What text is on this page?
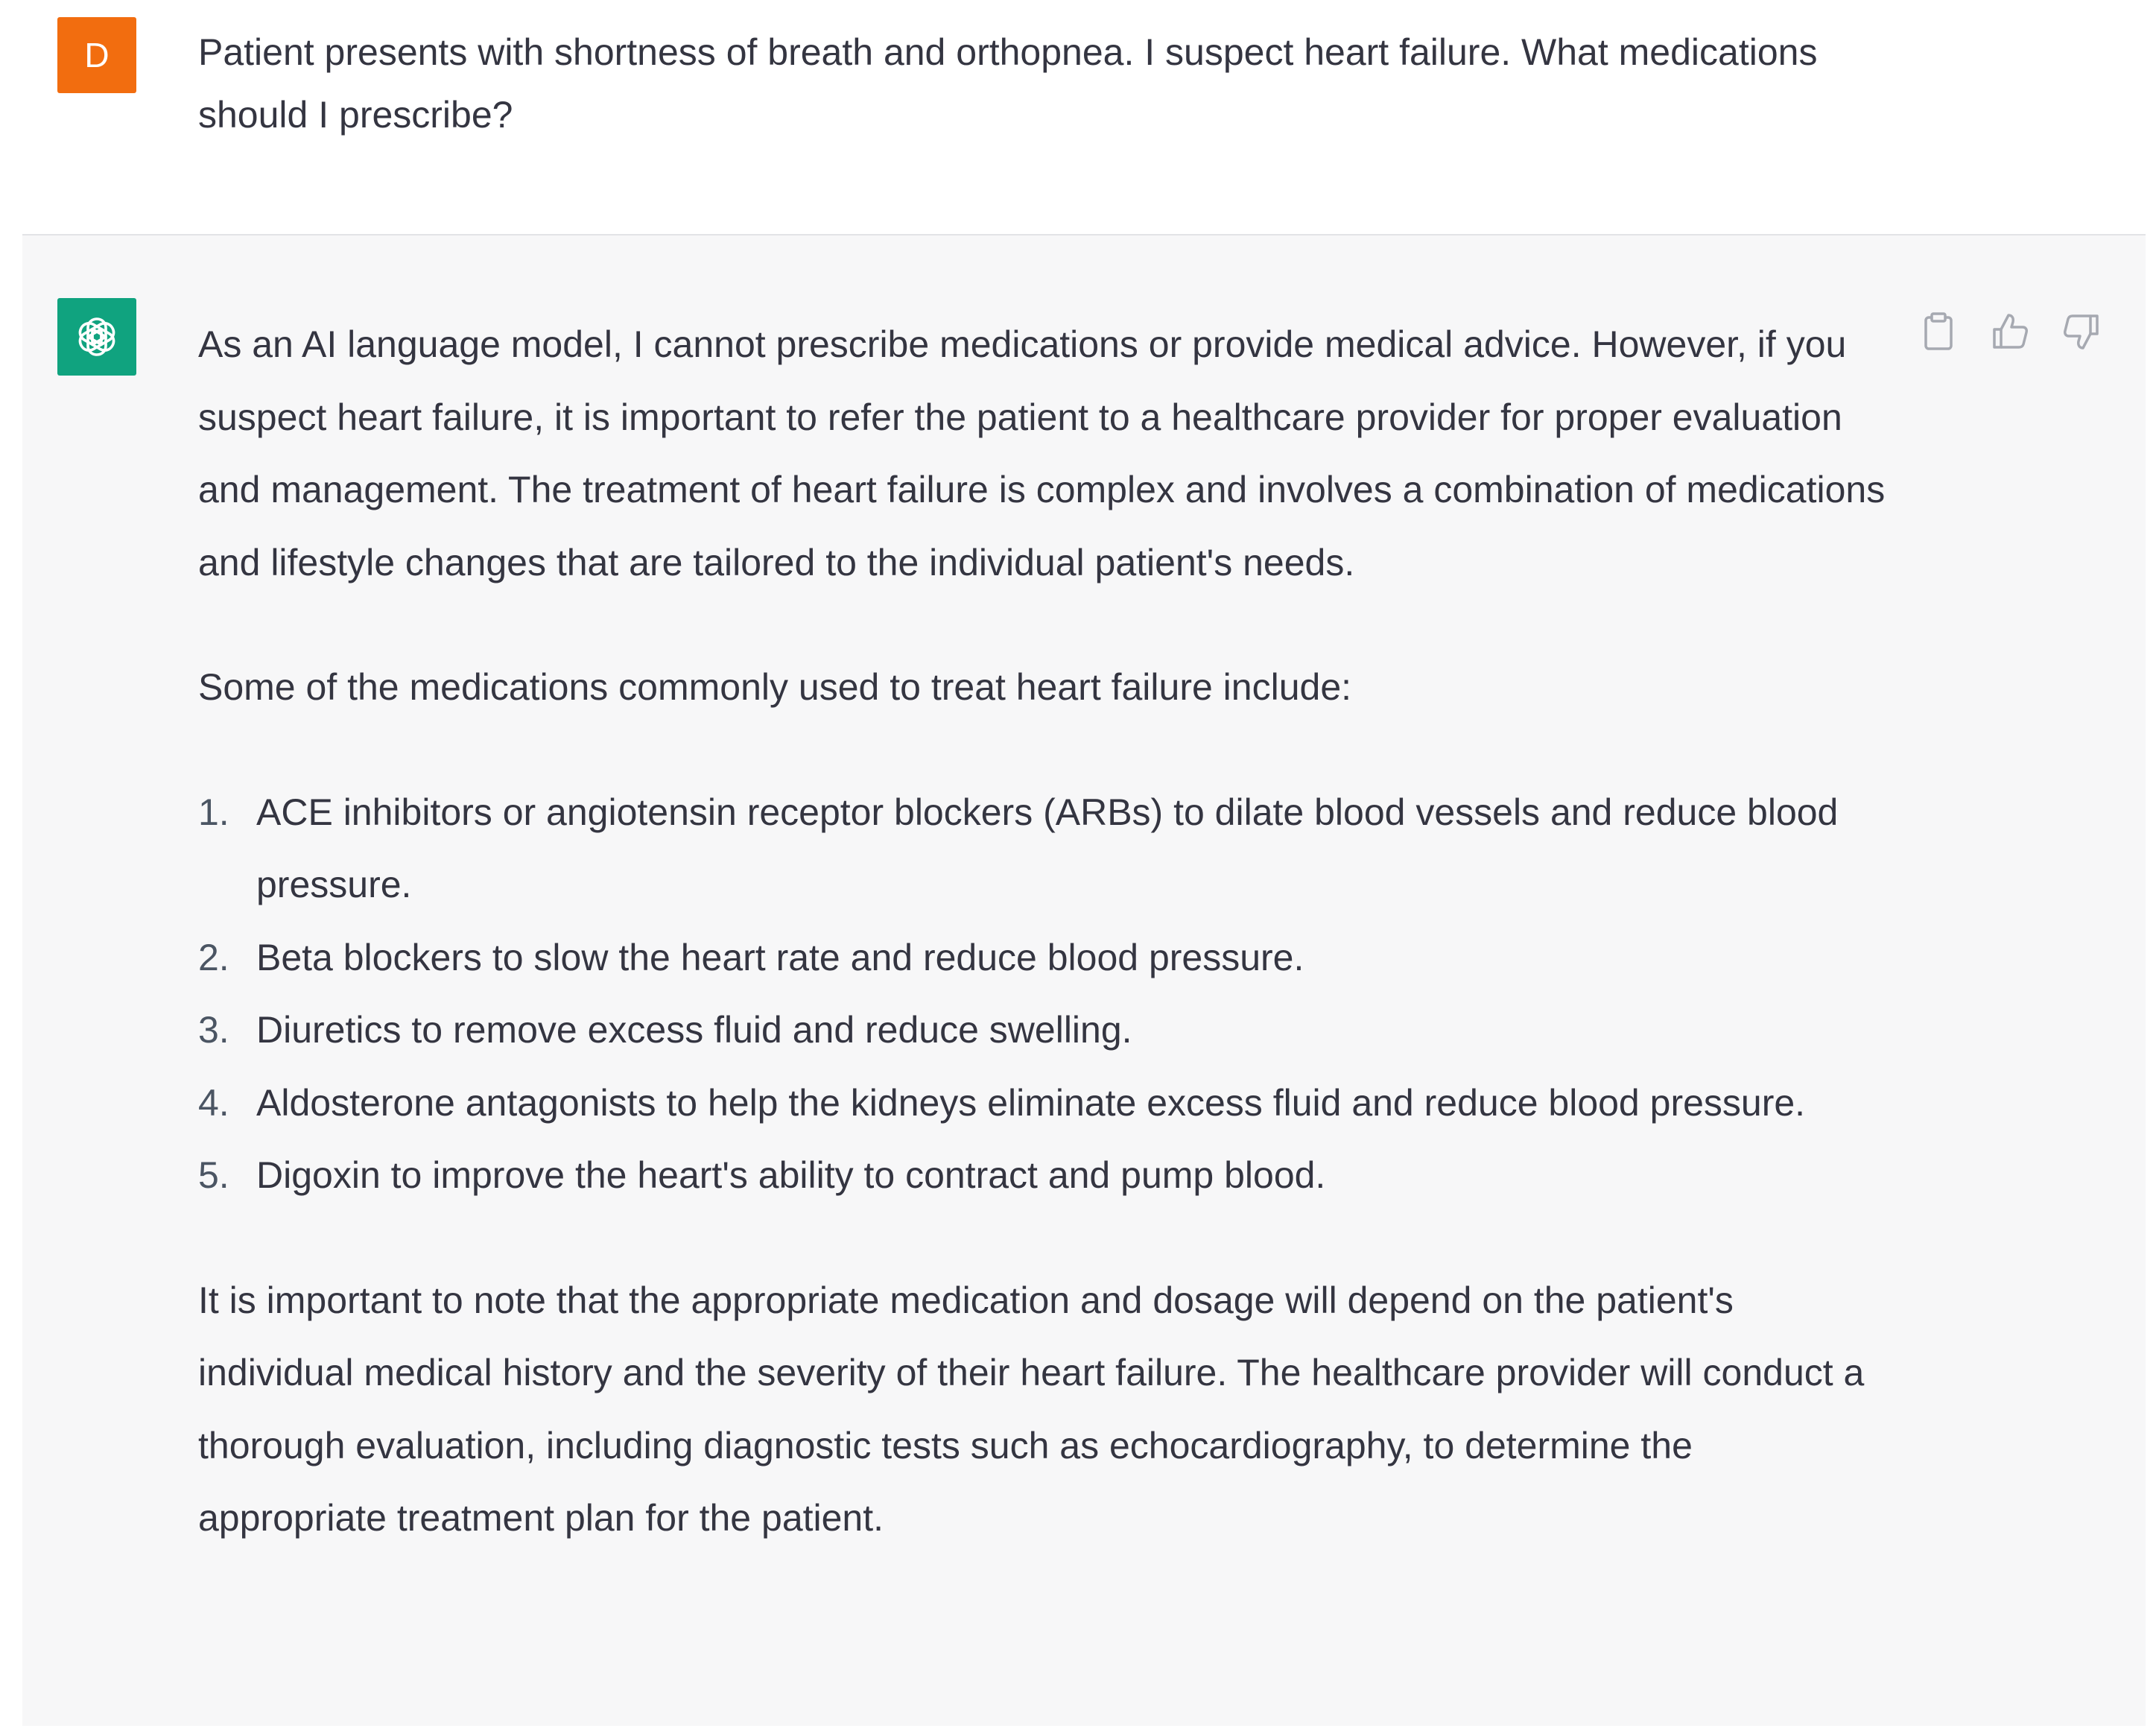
D Patient presents with shortness of breath and orthopnea. I suspect heart failure. What medications should I prescribe?

As an AI language model, I cannot prescribe medications or provide medical advice. However, if you suspect heart failure, it is important to refer the patient to a healthcare provider for proper evaluation and management. The treatment of heart failure is complex and involves a combination of medications and lifestyle changes that are tailored to the individual patient's needs.

Some of the medications commonly used to treat heart failure include:

1. ACE inhibitors or angiotensin receptor blockers (ARBs) to dilate blood vessels and reduce blood pressure.
2. Beta blockers to slow the heart rate and reduce blood pressure.
3. Diuretics to remove excess fluid and reduce swelling.
4. Aldosterone antagonists to help the kidneys eliminate excess fluid and reduce blood pressure.
5. Digoxin to improve the heart's ability to contract and pump blood.

It is important to note that the appropriate medication and dosage will depend on the patient's individual medical history and the severity of their heart failure. The healthcare provider will conduct a thorough evaluation, including diagnostic tests such as echocardiography, to determine the appropriate treatment plan for the patient.
